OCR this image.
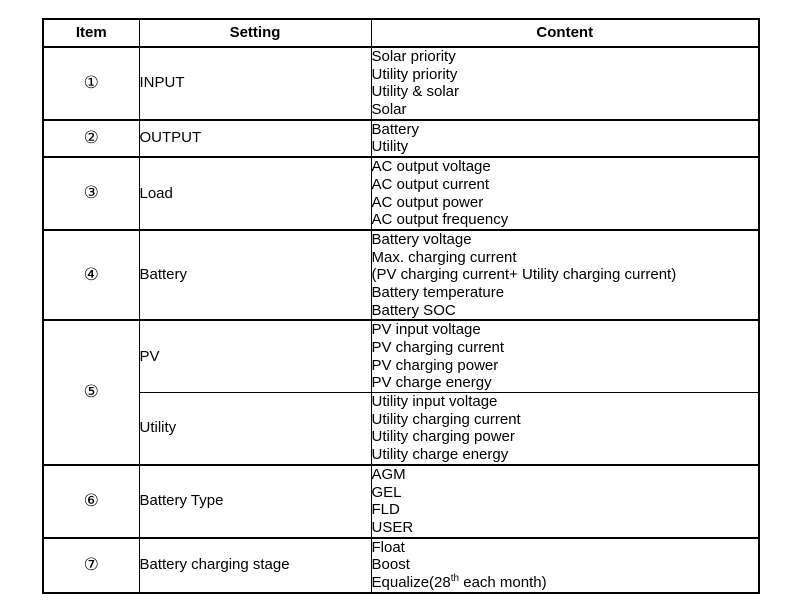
Item	Setting	Content
①	INPUT	Solar priority
Utility priority
Utility & solar
Solar

②	OUTPUT	Battery
Utility

③	Load	AC output voltage
AC output current
AC output power
AC output frequency

④	Battery	Battery voltage
Max. charging current
(PV charging current+ Utility charging current)
Battery temperature
Battery SOC

⑤	PV	PV input voltage
PV charging current
PV charging power
PV charge energy

	Utility	Utility input voltage
Utility charging current
Utility charging power
Utility charge energy

⑥	Battery Type	AGM
GEL
FLD
USER

⑦	Battery charging stage	Float
Boost
Equalize(28th each month)
